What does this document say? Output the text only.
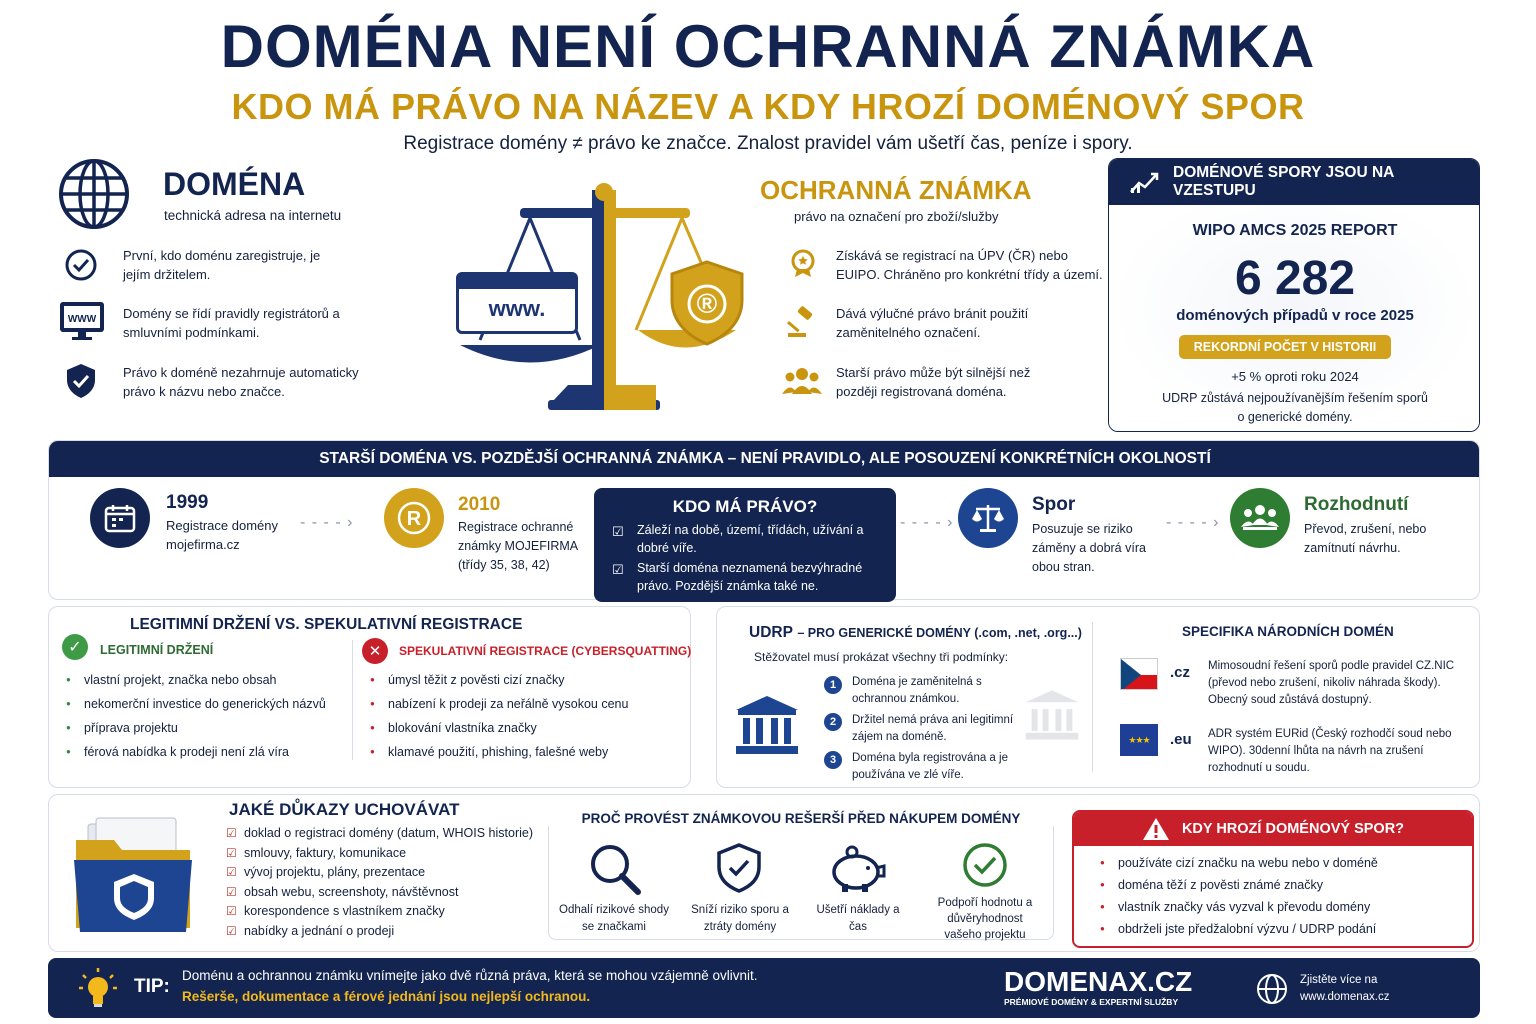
DOMÉNA NENÍ OCHRANNÁ ZNÁMKA
KDO MÁ PRÁVO NA NÁZEV A KDY HROZÍ DOMÉNOVÝ SPOR
Registrace domény ≠ právo ke značce. Znalost pravidel vám ušetří čas, peníze i spory.
DOMÉNA
technická adresa na internetu
První, kdo doménu zaregistruje, je jejím držitelem.
WWW Domény se řídí pravidly registrátorů a smluvními podmínkami.
Právo k doméně nezahrnuje automaticky právo k názvu nebo značce.
www.	®
OCHRANNÁ ZNÁMKA
právo na označení pro zboží/služby
Získává se registrací na ÚPV (ČR) nebo EUIPO. Chráněno pro konkrétní třídy a území.
Dává výlučné právo bránit použití zaměnitelného označení.
Starší právo může být silnější než později registrovaná doména.
DOMÉNOVÉ SPORY JSOU NA VZESTUPU
WIPO AMCS 2025 REPORT
6 282
doménových případů v roce 2025
REKORDNÍ POČET V HISTORII
+5 % oproti roku 2024
UDRP zůstává nejpoužívanějším řešením sporů o generické domény.
STARŠÍ DOMÉNA VS. POZDĚJŠÍ OCHRANNÁ ZNÁMKA – NENÍ PRAVIDLO, ALE POSOUZENÍ KONKRÉTNÍCH OKOLNOSTÍ
1999
Registrace domény mojefirma.cz
- - - - ›	R
2010
Registrace ochranné známky MOJEFIRMA (třídy 35, 38, 42)
KDO MÁ PRÁVO?
☑ Záleží na době, území, třídách, užívání a dobré víře.
☑ Starší doména neznamená bezvýhradné právo. Pozdější známka také ne.
- - - - ›
Spor
Posuzuje se riziko záměny a dobrá víra obou stran.
- - - - ›
Rozhodnutí
Převod, zrušení, nebo zamítnutí návrhu.
LEGITIMNÍ DRŽENÍ VS. SPEKULATIVNÍ REGISTRACE
✓	LEGITIMNÍ DRŽENÍ
● vlastní projekt, značka nebo obsah
● nekomerční investice do generických názvů
● příprava projektu
● férová nabídka k prodeji není zlá víra
✕	SPEKULATIVNÍ REGISTRACE (CYBERSQUATTING)
● úmysl těžit z pověsti cizí značky
● nabízení k prodeji za neřálně vysokou cenu
● blokování vlastníka značky
● klamavé použití, phishing, falešné weby
UDRP – PRO GENERICKÉ DOMÉNY (.com, .net, .org...)
Stěžovatel musí prokázat všechny tři podmínky:
1	Doména je zaměnitelná s ochrannou známkou.
2	Držitel nemá práva ani legitimní zájem na doméně.
3	Doména byla registrována a je používána ve zlé víře.
SPECIFIKA NÁRODNÍCH DOMÉN
.cz Mimosoudní řešení sporů podle pravidel CZ.NIC (převod nebo zrušení, nikoliv náhrada škody). Obecný soud zůstává dostupný.
★★★	.eu ADR systém EURid (Český rozhodčí soud nebo WIPO). 30denní lhůta na návrh na zrušení rozhodnutí u soudu.
JAKÉ DŮKAZY UCHOVÁVAT
☑ doklad o registraci domény (datum, WHOIS historie)
☑ smlouvy, faktury, komunikace
☑ vývoj projektu, plány, prezentace
☑ obsah webu, screenshoty, návštěvnost
☑ korespondence s vlastníkem značky
☑ nabídky a jednání o prodeji
PROČ PROVÉST ZNÁMKOVOU REŠERŠÍ PŘED NÁKUPEM DOMÉNY
Odhalí rizikové shody se značkami
Sníží riziko sporu a ztráty domény
Ušetří náklady a čas
Podpoří hodnotu a důvěryhodnost vašeho projektu
KDY HROZÍ DOMÉNOVÝ SPOR?
● používáte cizí značku na webu nebo v doméně
● doména těží z pověsti známé značky
● vlastník značky vás vyzval k převodu domény
● obdrželi jste předžalobní výzvu / UDRP podání
TIP:
Doménu a ochrannou známku vnímejte jako dvě různá práva, která se mohou vzájemně ovlivnit.
Rešerše, dokumentace a férové jednání jsou nejlepší ochranou.	DOMENAX.CZ
PRÉMIOVÉ DOMÉNY & EXPERTNÍ SLUŽBY
Zjistěte více na
www.domenax.cz
